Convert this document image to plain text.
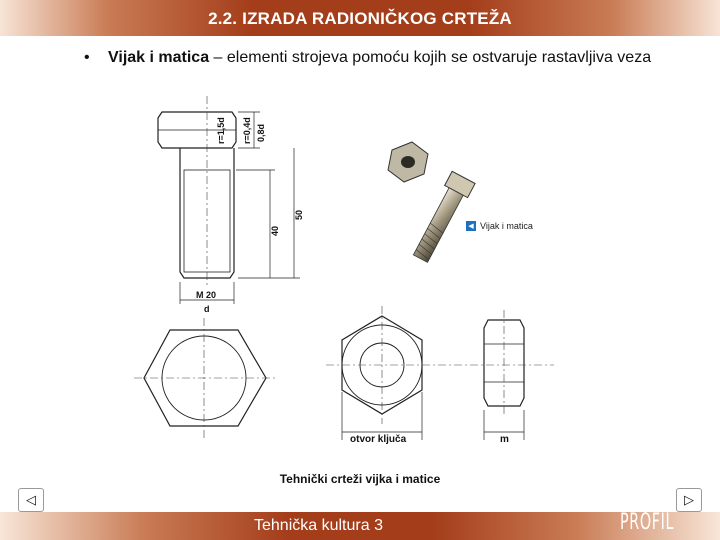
2.2. IZRADA RADIONIČKOG CRTEŽA
• Vijak i matica – elementi strojeva pomoću kojih se ostvaruje rastavljiva veza
r=1,5d r=0,4d 0,8d
40
50
M 20
d
otvor ključa	m
◀ Vijak i matica
Tehnički crteži vijka i matice
◁	▷
Tehnička kultura 3	PROFIL
